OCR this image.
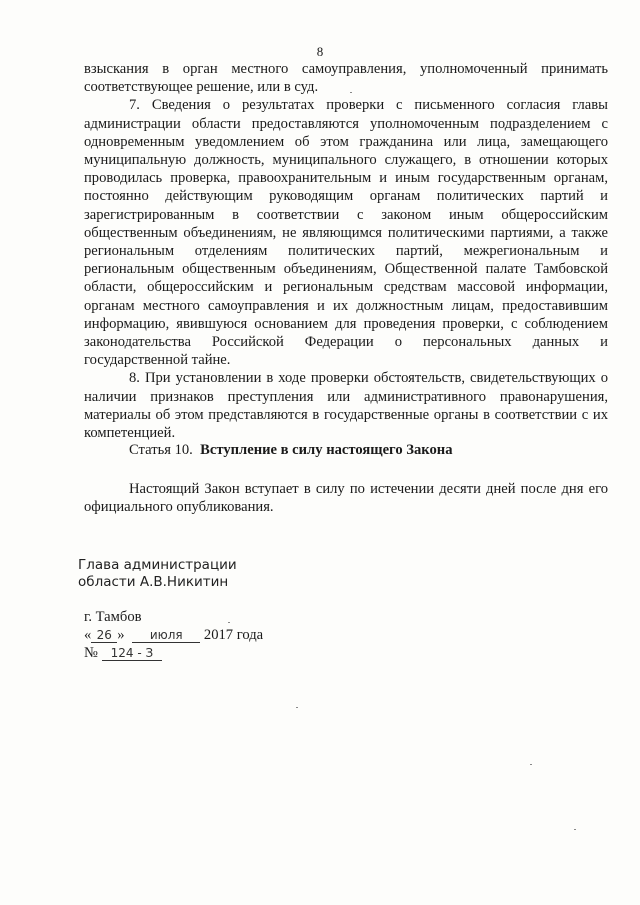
8

взыскания в орган местного самоуправления, уполномоченный принимать соответствующее решение, или в суд.

7. Сведения о результатах проверки с письменного согласия главы администрации области предоставляются уполномоченным подразделением с одновременным уведомлением об этом гражданина или лица, замещающего муниципальную должность, муниципального служащего, в отношении которых проводилась проверка, правоохранительным и иным государственным органам, постоянно действующим руководящим органам политических партий и зарегистрированным в соответствии с законом иным общероссийским общественным объединениям, не являющимся политическими партиями, а также региональным отделениям политических партий, межрегиональным и региональным общественным объединениям, Общественной палате Тамбовской области, общероссийским и региональным средствам массовой информации, органам местного самоуправления и их должностным лицам, предоставившим информацию, явившуюся основанием для проведения проверки, с соблюдением законодательства Российской Федерации о персональных данных и государственной тайне.

8. При установлении в ходе проверки обстоятельств, свидетельствующих о наличии признаков преступления или административного правонарушения, материалы об этом представляются в государственные органы в соответствии с их компетенцией.

Статья 10. Вступление в силу настоящего Закона

Настоящий Закон вступает в силу по истечении десяти дней после дня его официального опубликования.

Глава администрации
области А.В.Никитин
г. Тамбов
« 26 » июля 2017 года
№ 124 - З
